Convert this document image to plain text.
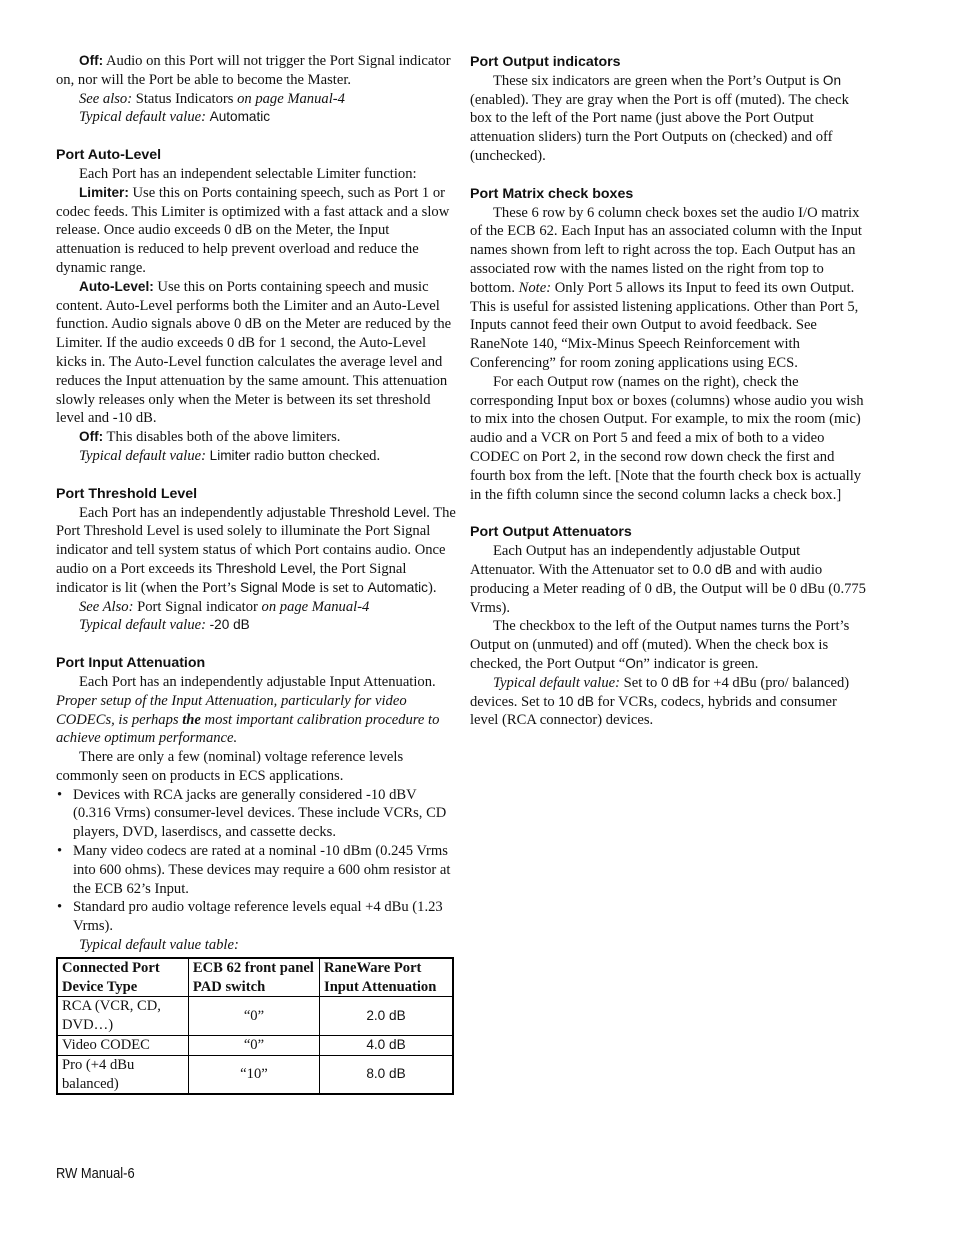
Off: Audio on this Port will not trigger the Port Signal indicator on, nor will the Port be able to become the Master.

See also: Status Indicators on page Manual-4

Typical default value: Automatic

Port Auto-Level

Each Port has an independent selectable Limiter function:

Limiter: Use this on Ports containing speech, such as Port 1 or codec feeds. This Limiter is optimized with a fast attack and a slow release. Once audio exceeds 0 dB on the Meter, the Input attenuation is reduced to help prevent overload and reduce the dynamic range.

Auto-Level: Use this on Ports containing speech and music content. Auto-Level performs both the Limiter and an Auto-Level function. Audio signals above 0 dB on the Meter are reduced by the Limiter. If the audio exceeds 0 dB for 1 second, the Auto-Level kicks in. The Auto-Level function calculates the average level and reduces the Input attenuation by the same amount. This attenuation slowly releases only when the Meter is between its set threshold level and -10 dB.

Off: This disables both of the above limiters.

Typical default value: Limiter radio button checked.

Port Threshold Level

Each Port has an independently adjustable Threshold Level. The Port Threshold Level is used solely to illuminate the Port Signal indicator and tell system status of which Port contains audio. Once audio on a Port exceeds its Threshold Level, the Port Signal indicator is lit (when the Port’s Signal Mode is set to Automatic).

See Also: Port Signal indicator on page Manual-4

Typical default value: -20 dB

Port Input Attenuation

Each Port has an independently adjustable Input Attenuation. Proper setup of the Input Attenuation, particularly for video CODECs, is perhaps the most important calibration procedure to achieve optimum performance.

There are only a few (nominal) voltage reference levels commonly seen on products in ECS applications.

• Devices with RCA jacks are generally considered -10 dBV (0.316 Vrms) consumer-level devices. These include VCRs, CD players, DVD, laserdiscs, and cassette decks.
• Many video codecs are rated at a nominal -10 dBm (0.245 Vrms into 600 ohms). These devices may require a 600 ohm resistor at the ECB 62’s Input.
• Standard pro audio voltage reference levels equal +4 dBu (1.23 Vrms).

Typical default value table:

Connected Port Device Type	ECB 62 front panel PAD switch	RaneWare Port Input Attenuation
RCA (VCR, CD, DVD…)	“0”	2.0 dB
Video CODEC	“0”	4.0 dB
Pro (+4 dBu balanced)	“10”	8.0 dB

Port Output indicators

These six indicators are green when the Port’s Output is On (enabled). They are gray when the Port is off (muted). The check box to the left of the Port name (just above the Port Output attenuation sliders) turn the Port Outputs on (checked) and off (unchecked).

Port Matrix check boxes

These 6 row by 6 column check boxes set the audio I/O matrix of the ECB 62. Each Input has an associated column with the Input names shown from left to right across the top. Each Output has an associated row with the names listed on the right from top to bottom. Note: Only Port 5 allows its Input to feed its own Output. This is useful for assisted listening applications. Other than Port 5, Inputs cannot feed their own Output to avoid feedback. See RaneNote 140, “Mix-Minus Speech Reinforcement with Conferencing” for room zoning applications using ECS.

For each Output row (names on the right), check the corresponding Input box or boxes (columns) whose audio you wish to mix into the chosen Output. For example, to mix the room (mic) audio and a VCR on Port 5 and feed a mix of both to a video CODEC on Port 2, in the second row down check the first and fourth box from the left. [Note that the fourth check box is actually in the fifth column since the second column lacks a check box.]

Port Output Attenuators

Each Output has an independently adjustable Output Attenuator. With the Attenuator set to 0.0 dB and with audio producing a Meter reading of 0 dB, the Output will be 0 dBu (0.775 Vrms).

The checkbox to the left of the Output names turns the Port’s Output on (unmuted) and off (muted). When the check box is checked, the Port Output “On” indicator is green.

Typical default value: Set to 0 dB for +4 dBu (pro/ balanced) devices. Set to 10 dB for VCRs, codecs, hybrids and consumer level (RCA connector) devices.

RW Manual-6
